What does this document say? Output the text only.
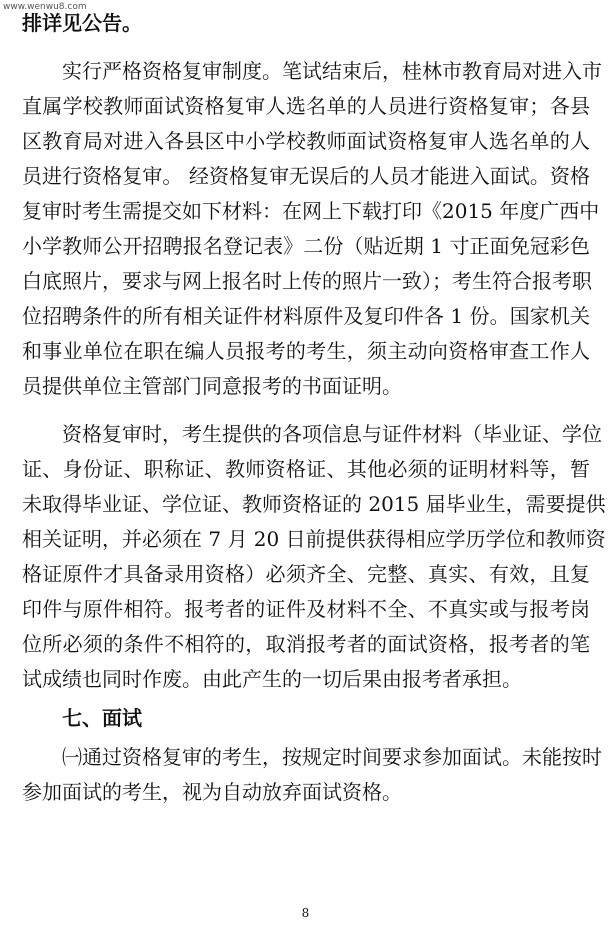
www.wenwu8.com
排详见公告。
实行严格资格复审制度。笔试结束后，桂林市教育局对进入市
直属学校教师面试资格复审人选名单的人员进行资格复审；各县
区教育局对进入各县区中小学校教师面试资格复审人选名单的人
员进行资格复审。 经资格复审无误后的人员才能进入面试。资格
复审时考生需提交如下材料：在网上下载打印《2015 年度广西中
小学教师公开招聘报名登记表》二份（贴近期 1 寸正面免冠彩色
白底照片，要求与网上报名时上传的照片一致）；考生符合报考职
位招聘条件的所有相关证件材料原件及复印件各 1 份。国家机关
和事业单位在职在编人员报考的考生，须主动向资格审查工作人
员提供单位主管部门同意报考的书面证明。
资格复审时，考生提供的各项信息与证件材料（毕业证、学位
证、身份证、职称证、教师资格证、其他必须的证明材料等，暂
未取得毕业证、学位证、教师资格证的 2015 届毕业生，需要提供
相关证明，并必须在 7 月 20 日前提供获得相应学历学位和教师资
格证原件才具备录用资格）必须齐全、完整、真实、有效，且复
印件与原件相符。报考者的证件及材料不全、不真实或与报考岗
位所必须的条件不相符的，取消报考者的面试资格，报考者的笔
试成绩也同时作废。由此产生的一切后果由报考者承担。
七、面试
㈠通过资格复审的考生，按规定时间要求参加面试。未能按时
参加面试的考生，视为自动放弃面试资格。
8
